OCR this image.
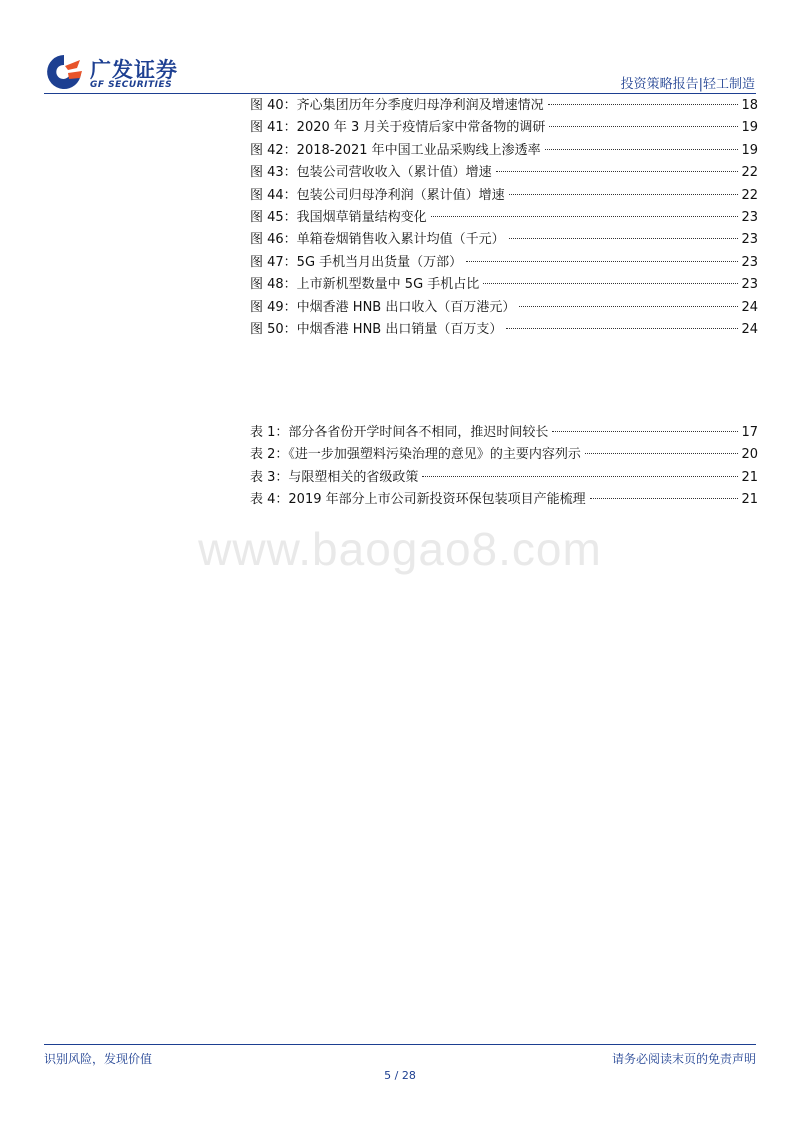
广发证券
GF SECURITIES	投资策略报告|轻工制造
图 40：齐心集团历年分季度归母净利润及增速情况	18
图 41：2020 年 3 月关于疫情后家中常备物的调研	19
图 42：2018-2021 年中国工业品采购线上渗透率	19
图 43：包装公司营收收入（累计值）增速	22
图 44：包装公司归母净利润（累计值）增速	22
图 45：我国烟草销量结构变化	23
图 46：单箱卷烟销售收入累计均值（千元）	23
图 47：5G 手机当月出货量（万部）	23
图 48：上市新机型数量中 5G 手机占比	23
图 49：中烟香港 HNB 出口收入（百万港元）	24
图 50：中烟香港 HNB 出口销量（百万支）	24
表 1：部分各省份开学时间各不相同，推迟时间较长	17
表 2：《进一步加强塑料污染治理的意见》的主要内容列示	20
表 3：与限塑相关的省级政策	21
表 4：2019 年部分上市公司新投资环保包装项目产能梳理	21
www.baogao8.com
识别风险，发现价值	请务必阅读末页的免责声明
5 / 28
